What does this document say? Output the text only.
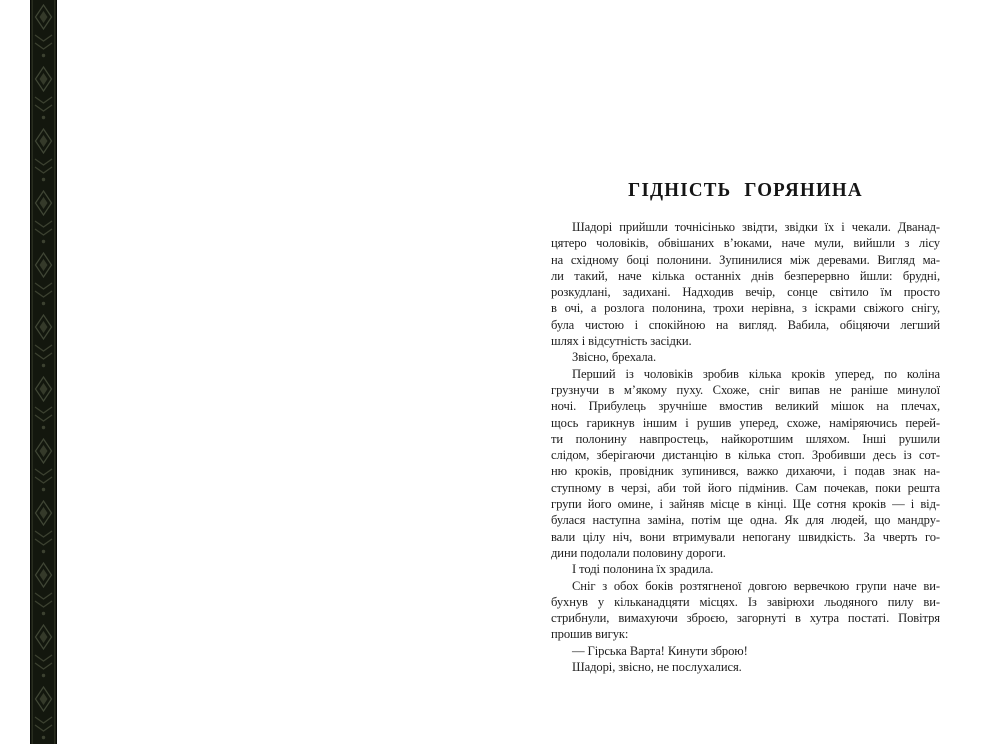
ГІДНІСТЬ ГОРЯНИНА
Шадорі прийшли точнісінько звідти, звідки їх і чекали. Дванад-
цятеро чоловіків, обвішаних в’юками, наче мули, вийшли з лісу
на східному боці полонини. Зупинилися між деревами. Вигляд ма-
ли такий, наче кілька останніх днів безперервно йшли: брудні,
розкудлані, задихані. Надходив вечір, сонце світило їм просто
в очі, а розлога полонина, трохи нерівна, з іскрами свіжого снігу,
була чистою і спокійною на вигляд. Вабила, обіцяючи легший
шлях і відсутність засідки.
Звісно, брехала.
Перший із чоловіків зробив кілька кроків уперед, по коліна
грузнучи в м’якому пуху. Схоже, сніг випав не раніше минулої
ночі. Прибулець зручніше вмостив великий мішок на плечах,
щось гарикнув іншим і рушив уперед, схоже, наміряючись перей-
ти полонину навпростець, найкоротшим шляхом. Інші рушили
слідом, зберігаючи дистанцію в кілька стоп. Зробивши десь із сот-
ню кроків, провідник зупинився, важко дихаючи, і подав знак на-
ступному в черзі, аби той його підмінив. Сам почекав, поки решта
групи його омине, і зайняв місце в кінці. Ще сотня кроків — і від-
булася наступна заміна, потім ще одна. Як для людей, що мандру-
вали цілу ніч, вони втримували непогану швидкість. За чверть го-
дини подолали половину дороги.
І тоді полонина їх зрадила.
Сніг з обох боків розтягненої довгою вервечкою групи наче ви-
бухнув у кільканадцяти місцях. Із завірюхи льодяного пилу ви-
стрибнули, вимахуючи зброєю, загорнуті в хутра постаті. Повітря
прошив вигук:
— Гірська Варта! Кинути зброю!
Шадорі, звісно, не послухалися.
